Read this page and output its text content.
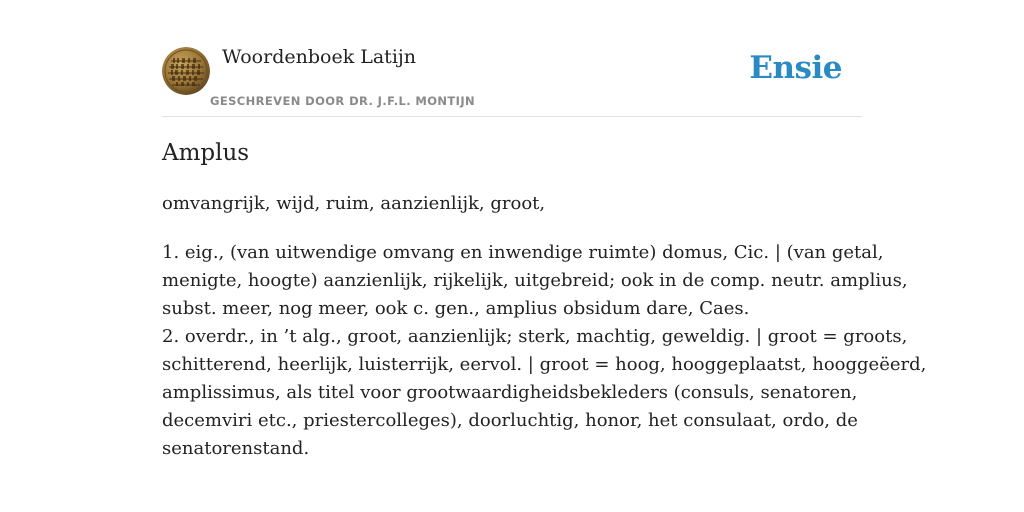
Woordenboek Latijn
GESCHREVEN DOOR DR. J.F.L. MONTIJN
Ensie
Amplus
omvangrijk, wijd, ruim, aanzienlijk, groot,
1. eig., (van uitwendige omvang en inwendige ruimte) domus, Cic. | (van getal,
menigte, hoogte) aanzienlijk, rijkelijk, uitgebreid; ook in de comp. neutr. amplius,
subst. meer, nog meer, ook c. gen., amplius obsidum dare, Caes.
2. overdr., in ’t alg., groot, aanzienlijk; sterk, machtig, geweldig. | groot = groots,
schitterend, heerlijk, luisterrijk, eervol. | groot = hoog, hooggeplaatst, hooggeëerd,
amplissimus, als titel voor grootwaardigheidsbekleders (consuls, senatoren,
decemviri etc., priestercolleges), doorluchtig, honor, het consulaat, ordo, de
senatorenstand.
